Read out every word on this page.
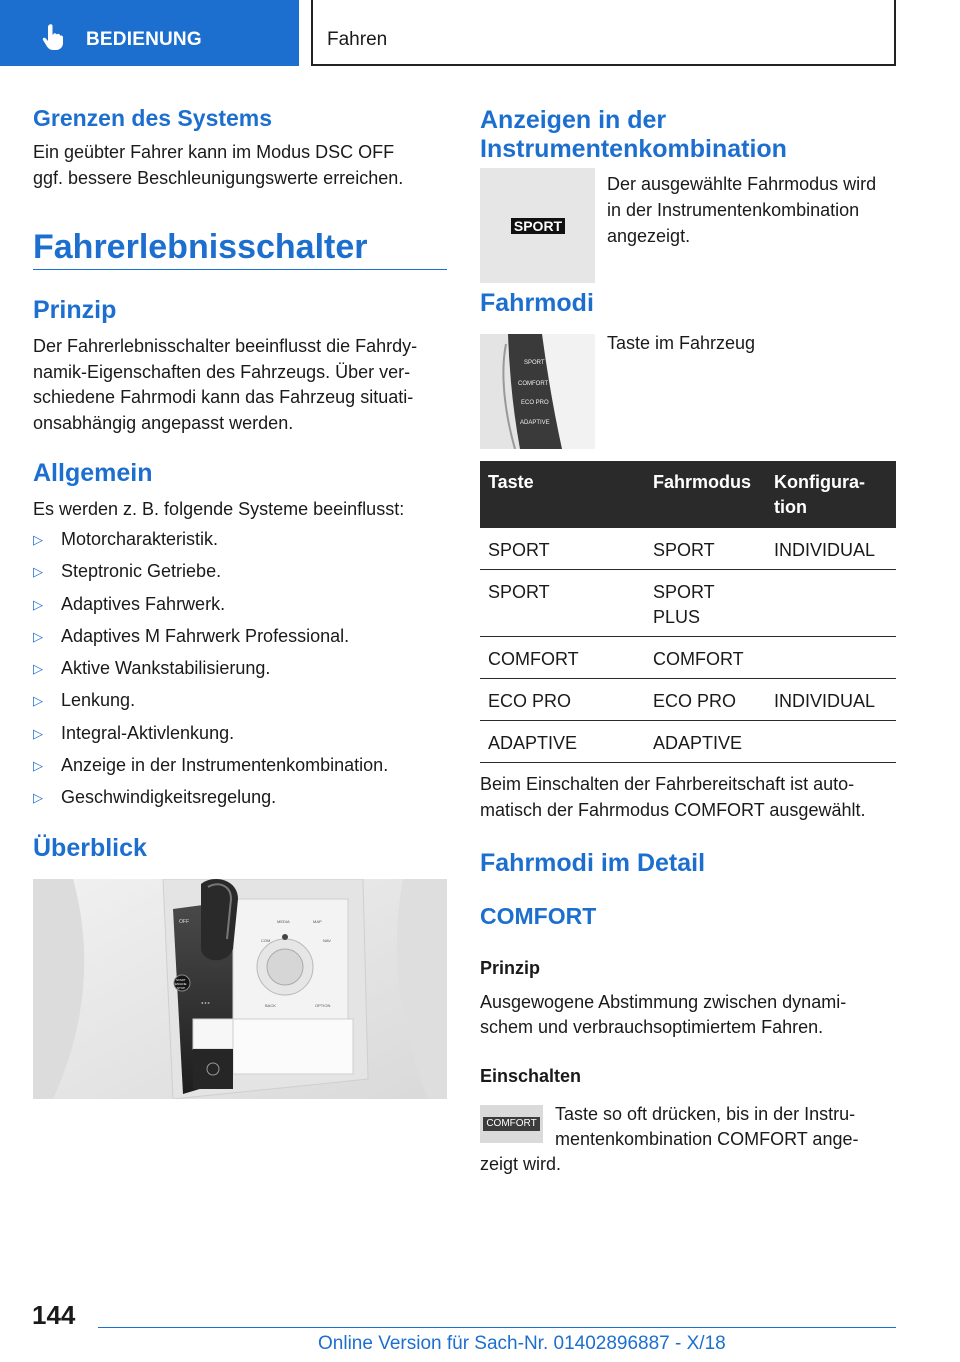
BEDIENUNG	Fahren
Grenzen des Systems
Ein geübter Fahrer kann im Modus DSC OFF
ggf. bessere Beschleunigungswerte erreichen.
Fahrerlebnisschalter
Prinzip
Der Fahrerlebnisschalter beeinflusst die Fahrdy-
namik-Eigenschaften des Fahrzeugs. Über ver-
schiedene Fahrmodi kann das Fahrzeug situati-
onsabhängig angepasst werden.
Allgemein
Es werden z. B. folgende Systeme beeinflusst:
▷	Motorcharakteristik.
▷	Steptronic Getriebe.
▷	Adaptives Fahrwerk.
▷	Adaptives M Fahrwerk Professional.
▷	Aktive Wankstabilisierung.
▷	Lenkung.
▷	Integral-Aktivlenkung.
▷	Anzeige in der Instrumentenkombination.
▷	Geschwindigkeitsregelung.
Überblick
OFF
START
ENGINE
STOP
◂ ◂ ◂
MEDIA	MAP
COM	NAV
BACK	OPTION
Anzeigen in der
Instrumentenkombination
SPORT
Der ausgewählte Fahrmodus wird
in der Instrumentenkombination
angezeigt.
Fahrmodi
SPORT
COMFORT
ECO PRO
ADAPTIVE
Taste im Fahrzeug
Taste	Fahrmodus	Konfigura-
tion
SPORT	SPORT	INDIVIDUAL
SPORT	SPORT
PLUS	
COMFORT	COMFORT	
ECO PRO	ECO PRO	INDIVIDUAL
ADAPTIVE	ADAPTIVE	
Beim Einschalten der Fahrbereitschaft ist auto-
matisch der Fahrmodus COMFORT ausgewählt.
Fahrmodi im Detail
COMFORT
Prinzip
Ausgewogene Abstimmung zwischen dynami-
schem und verbrauchsoptimiertem Fahren.
Einschalten
COMFORT Taste so oft drücken, bis in der Instru-
mentenkombination COMFORT ange-
zeigt wird.
144
Online Version für Sach-Nr. 01402896887 - X/18
